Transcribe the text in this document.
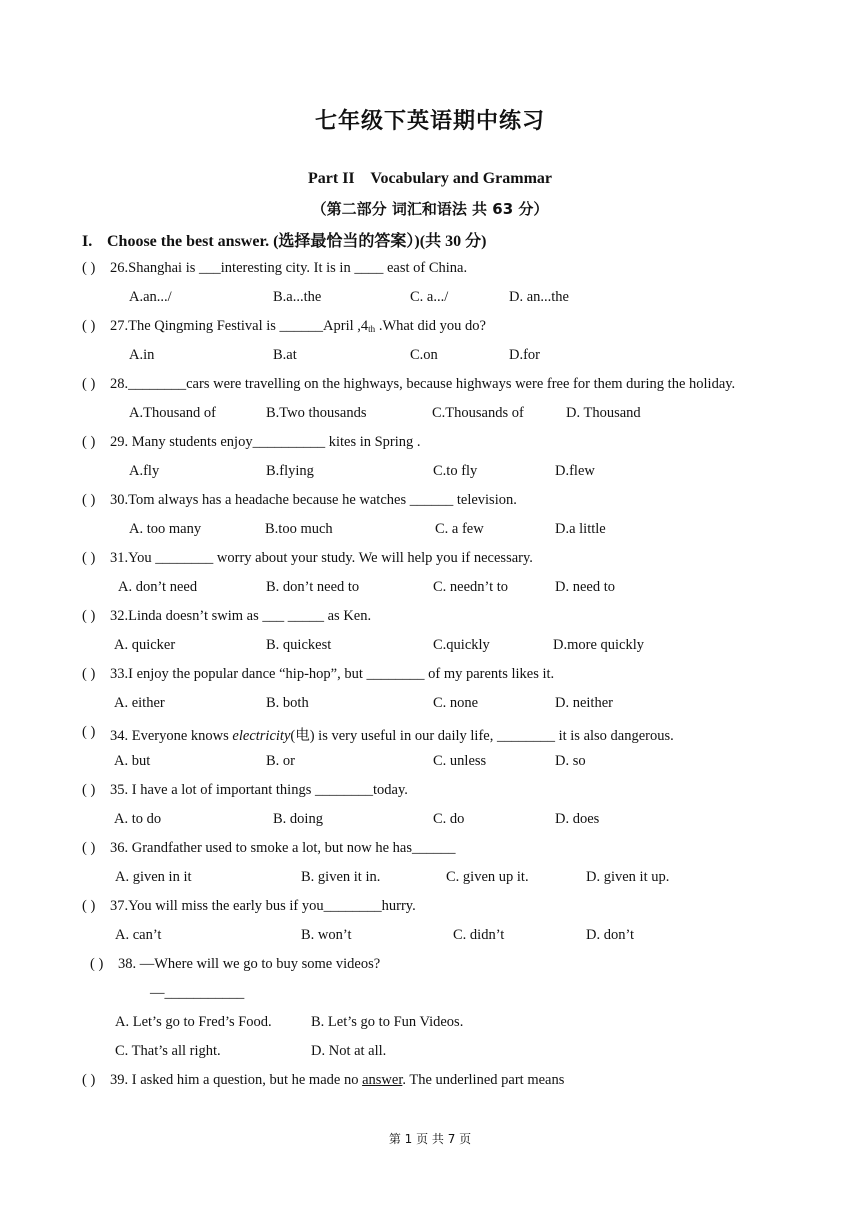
七年级下英语期中练习
Part II    Vocabulary and Grammar
（第二部分 词汇和语法 共 63 分）
I. Choose the best answer. (选择最恰当的答案）)(共 30 分)
( ) 26.Shanghai is ___interesting city. It is in ____ east of China.
A.an.../	B.a...the	C. a.../	D. an...the
( ) 27.The Qingming Festival is ______April $,4_{th}$ .What did you do?
A.in	B.at	C.on	D.for
( ) 28.________cars were travelling on the highways, because highways were free for them during the holiday.
A.Thousand of	B.Two thousands	C.Thousands of	D. Thousand
( ) 29. Many students enjoy__________ kites in Spring .
A.fly	B.flying	C.to fly	D.flew
( ) 30.Tom always has a headache because he watches ______ television.
A. too many	B.too much	C. a few	D.a little
( ) 31.You ________ worry about your study. We will help you if necessary.
A. don’t need	B. don’t need to	C. needn’t to	D. need to
( ) 32.Linda doesn’t swim as ___ _____ as Ken.
A. quicker	B. quickest	C.quickly	D.more quickly
( ) 33.I enjoy the popular dance “hip-hop”, but ________ of my parents likes it.
A. either	B. both	C. none	D. neither
( ) 34. Everyone knows electricity(电) is very useful in our daily life, ________ it is also dangerous.
A. but	B. or	C. unless	D. so
( ) 35. I have a lot of important things ________today.
A. to do	B. doing	C. do	D. does
( ) 36. Grandfather used to smoke a lot, but now he has______
A. given in it	B. given it in.	C. given up it.	D. given it up.
( ) 37.You will miss the early bus if you________hurry.
A. can’t	B. won’t	C. didn’t	D. don’t
( ) 38. —Where will we go to buy some videos?
—___________
A. Let’s go to Fred’s Food.	B. Let’s go to Fun Videos.
C. That’s all right.	D. Not at all.
( ) 39. I asked him a question, but he made no answer. The underlined part means
第 1 页 共 7 页
